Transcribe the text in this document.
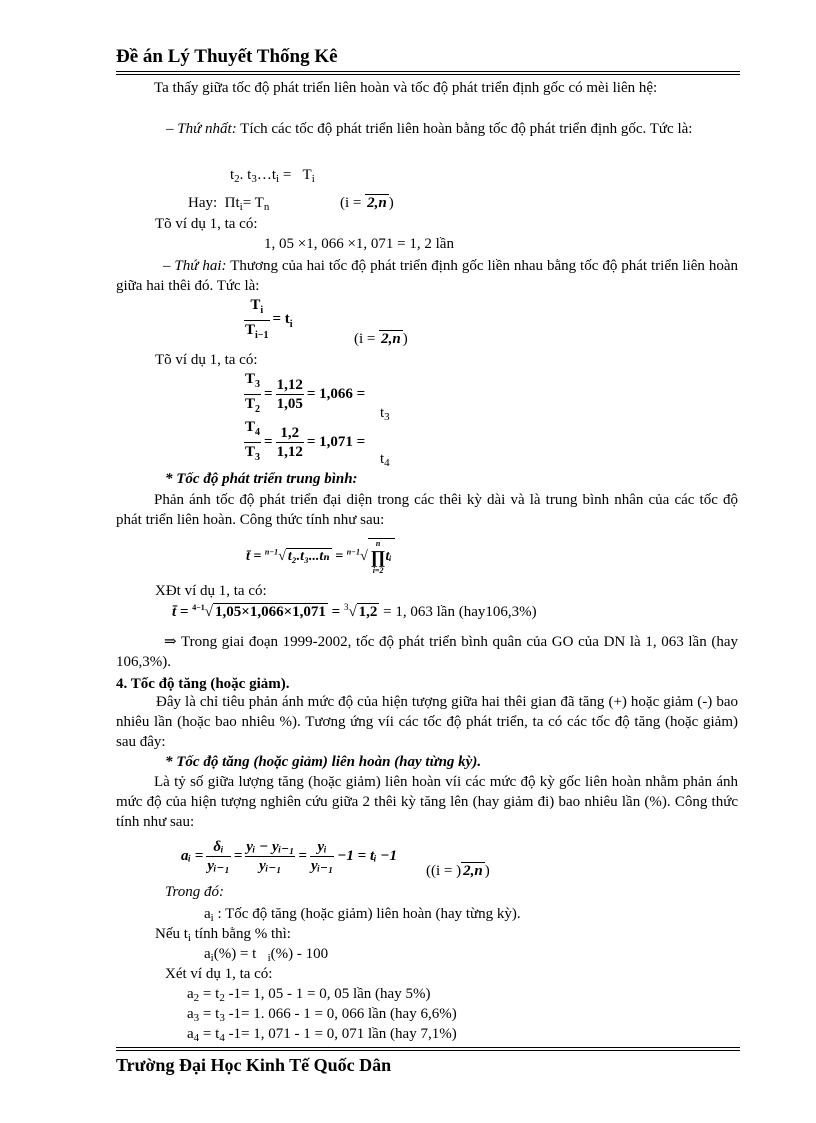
Đề án Lý Thuyết Thống Kê
Ta thấy giữa tốc độ phát triển liên hoàn và tốc độ phát triển định gốc có mèi liên hệ:
– Thứ nhất: Tích các tốc độ phát triển liên hoàn bằng tốc độ phát triển định gốc. Tức là:
$t_2$. $t_3\dots t_i = T_i$
Hay: $\Pi t_i= T_n$	(i = 2,n )
Tõ ví dụ 1, ta có:
1, 05 ×1, 066 ×1, 071 = 1, 2 lần
– Thứ hai: Thương của hai tốc độ phát triển định gốc liền nhau bằng tốc độ phát triển liên hoàn giữa hai thêi đó. Tức là:
$\frac{T_i}{T_{i-1}} = t_i$
(i = 2,n )
Tõ ví dụ 1, ta có:
$\frac{T_3}{T_2} = \frac{1,12}{1,05} = 1,066$ =
$t_3$
$\frac{T_4}{T_3} = \frac{1,2}{1,12} = 1,071$ =
$t_4$
* Tốc độ phát triển trung bình:
Phản ánh tốc độ phát triển đại diện trong các thêi kỳ dài và là trung bình nhân của các tốc độ phát triển liên hoàn. Công thức tính như sau:
t̄ = $^{n-1}$√ t₂.t₃...tₙ = $^{n-1}$√
n
∏
i=2
tᵢ
XÐt ví dụ 1, ta có:
t̄ = $^{4-1}$√ 1,05×1,066×1,071 = $^3$√ 1,2 = 1, 063 lần (hay106,3%)
⇒ Trong giai đoạn 1999-2002, tốc độ phát triển bình quân của GO của DN là 1, 063 lần (hay 106,3%).
4. Tốc độ tăng (hoặc giảm).
Đây là chỉ tiêu phản ánh mức độ của hiện tượng giữa hai thêi gian đã tăng (+) hoặc giảm (-) bao nhiêu lần (hoặc bao nhiêu %). Tương ứng víi các tốc độ phát triển, ta có các tốc độ tăng (hoặc giảm) sau đây:
* Tốc độ tăng (hoặc giảm) liên hoàn (hay từng kỳ).
Là tỷ số giữa lượng tăng (hoặc giảm) liên hoàn víi các mức độ kỳ gốc liên hoàn nhằm phản ánh mức độ của hiện tượng nghiên cứu giữa 2 thêi kỳ tăng lên (hay giảm đi) bao nhiêu lần (%). Công thức tính như sau:
aᵢ = $\frac{\text{δᵢ}}{\text{yᵢ₋₁}} = \frac{\text{yᵢ − yᵢ₋₁}}{\text{yᵢ₋₁}} = \frac{\text{yᵢ}}{\text{yᵢ₋₁}} -1$ = tᵢ −1
((i = ) 2,n )
Trong đó:
$a_i$ : Tốc độ tăng (hoặc giảm) liên hoàn (hay từng kỳ).
Nếu $t_i$ tính bằng % thì:
$a_i(\%) = t$ $_i$(%) - 100
Xét ví dụ 1, ta có:
$a_2 = t_2$ -1= 1, 05 - 1 = 0, 05 lần (hay 5%)
$a_3 = t_3$ -1= 1. 066 - 1 = 0, 066 lần (hay 6,6%)
$a_4 = t_4$ -1= 1, 071 - 1 = 0, 071 lần (hay 7,1%)
Trường Đại Học Kinh Tế Quốc Dân
